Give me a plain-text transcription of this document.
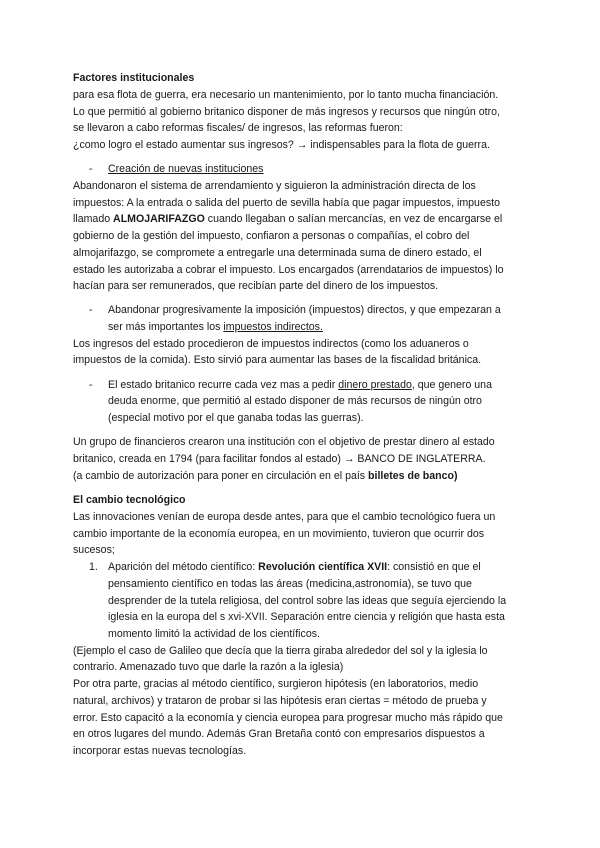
Factores institucionales
para esa flota de guerra, era necesario un mantenimiento, por lo tanto mucha financiación.
Lo que permitió al gobierno britanico disponer de más ingresos y recursos que ningún otro,
se llevaron a cabo reformas fiscales/ de ingresos, las reformas fueron:
¿como logro el estado aumentar sus ingresos? → indispensables para la flota de guerra.
- Creación de nuevas instituciones
Abandonaron el sistema de arrendamiento y siguieron la administración directa de los
impuestos: A la entrada o salida del puerto de sevilla había que pagar impuestos, impuesto
llamado ALMOJARIFAZGO cuando llegaban o salían mercancías, en vez de encargarse el
gobierno de la gestión del impuesto, confiaron a personas o compañías, el cobro del
almojarifazgo, se compromete a entregarle una determinada suma de dinero estado, el
estado les autorizaba a cobrar el impuesto. Los encargados (arrendatarios de impuestos) lo
hacían para ser remunerados, que recibían parte del dinero de los impuestos.
- Abandonar progresivamente la imposición (impuestos) directos, y que empezaran a
ser más importantes los impuestos indirectos.
Los ingresos del estado procedieron de impuestos indirectos (como los aduaneros o
impuestos de la comida). Esto sirvió para aumentar las bases de la fiscalidad británica.
- El estado britanico recurre cada vez mas a pedir dinero prestado, que genero una
deuda enorme, que permitió al estado disponer de más recursos de ningún otro
(especial motivo por el que ganaba todas las guerras).
Un grupo de financieros crearon una institución con el objetivo de prestar dinero al estado
britanico, creada en 1794 (para facilitar fondos al estado) → BANCO DE INGLATERRA.
(a cambio de autorización para poner en circulación en el país billetes de banco)
El cambio tecnológico
Las innovaciones venían de europa desde antes, para que el cambio tecnológico fuera un
cambio importante de la economía europea, en un movimiento, tuvieron que ocurrir dos
sucesos;
1. Aparición del método científico: Revolución científica XVII: consistió en que el
pensamiento científico en todas las áreas (medicina,astronomía), se tuvo que
desprender de la tutela religiosa, del control sobre las ideas que seguía ejerciendo la
iglesia en la europa del s xvi-XVII. Separación entre ciencia y religión que hasta esta
momento limitó la actividad de los científicos.
(Ejemplo el caso de Galileo que decía que la tierra giraba alrededor del sol y la iglesia lo
contrario. Amenazado tuvo que darle la razón a la iglesia)
Por otra parte, gracias al método científico, surgieron hipótesis (en laboratorios, medio
natural, archivos) y trataron de probar si las hipótesis eran ciertas = método de prueba y
error. Esto capacitó a la economía y ciencia europea para progresar mucho más rápido que
en otros lugares del mundo. Además Gran Bretaña contó con empresarios dispuestos a
incorporar estas nuevas tecnologías.
